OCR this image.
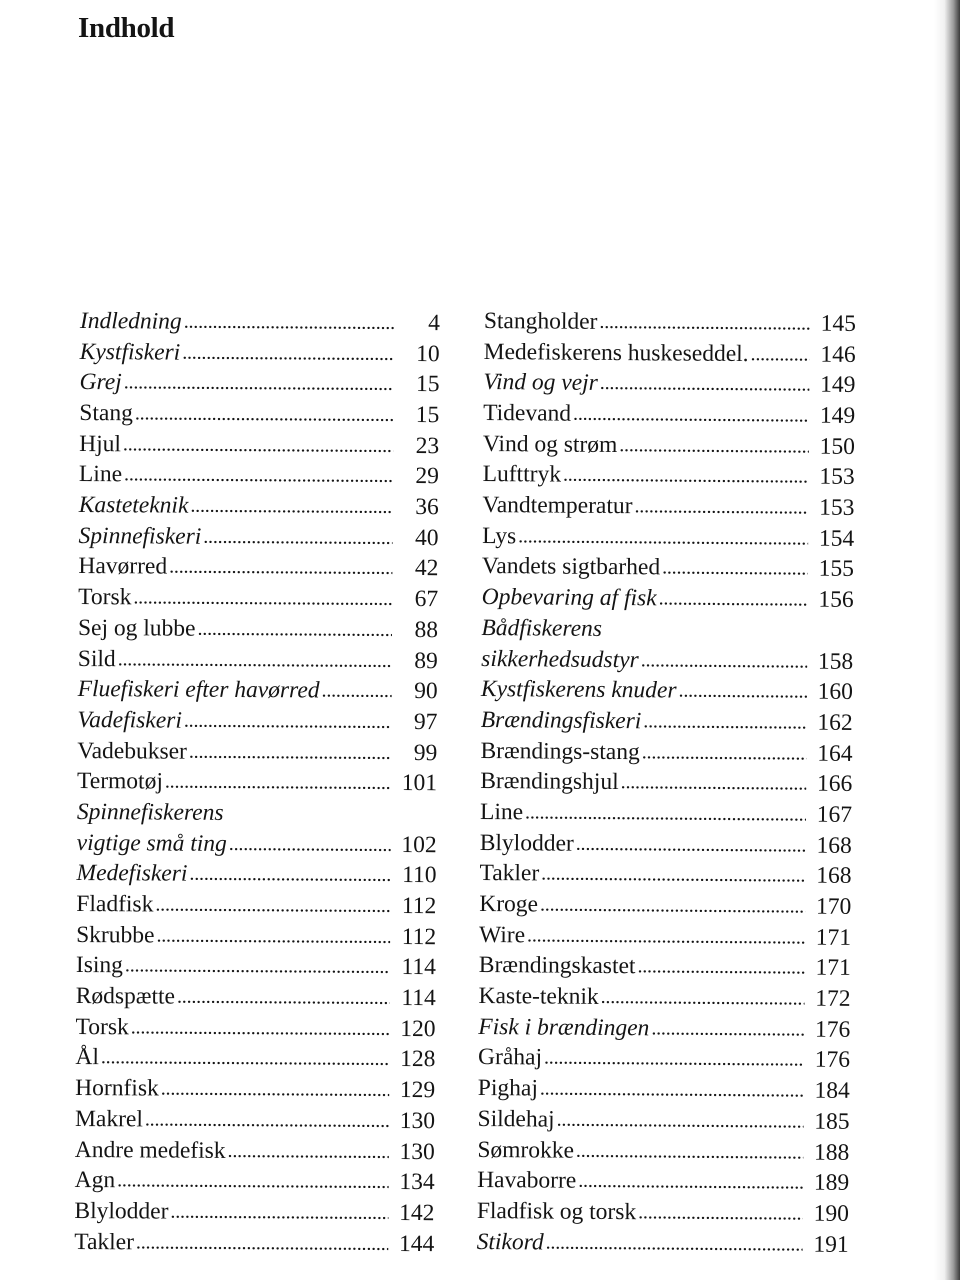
Indhold
Indledning . . .	4
Kystfiskeri . . .	10
Grej . . .	15
Stang . . .	15
Hjul . . .	23
Line . . .	29
Kasteteknik . . .	36
Spinnefiskeri . . .	40
Havørred . . .	42
Torsk . . .	67
Sej og lubbe . . .	88
Sild . . .	89
Fluefiskeri efter havørred . . .	90
Vadefiskeri . . .	97
Vadebukser . . .	99
Termotøj . . .	101
Spinnefiskerens
vigtige små ting . . .	102
Medefiskeri . . .	110
Fladfisk . . .	112
Skrubbe . . .	112
Ising . . .	114
Rødspætte . . .	114
Torsk . . .	120
Ål . . .	128
Hornfisk . . .	129
Makrel . . .	130
Andre medefisk . . .	130
Agn . . .	134
Blylodder . . .	142
Takler . . .	144
Stangholder . . .	145
Medefiskerens huskeseddel. . . .	146
Vind og vejr . . .	149
Tidevand . . .	149
Vind og strøm . . .	150
Lufttryk . . .	153
Vandtemperatur . . .	153
Lys . . .	154
Vandets sigtbarhed . . .	155
Opbevaring af fisk . . .	156
Bådfiskerens
sikkerhedsudstyr . . .	158
Kystfiskerens knuder . . .	160
Brændingsfiskeri . . .	162
Brændings-stang . . .	164
Brændingshjul . . .	166
Line . . .	167
Blylodder . . .	168
Takler . . .	168
Kroge . . .	170
Wire . . .	171
Brændingskastet . . .	171
Kaste-teknik . . .	172
Fisk i brændingen . . .	176
Gråhaj . . .	176
Pighaj . . .	184
Sildehaj . . .	185
Sømrokke . . .	188
Havaborre . . .	189
Fladfisk og torsk . . .	190
Stikord . . .	191
